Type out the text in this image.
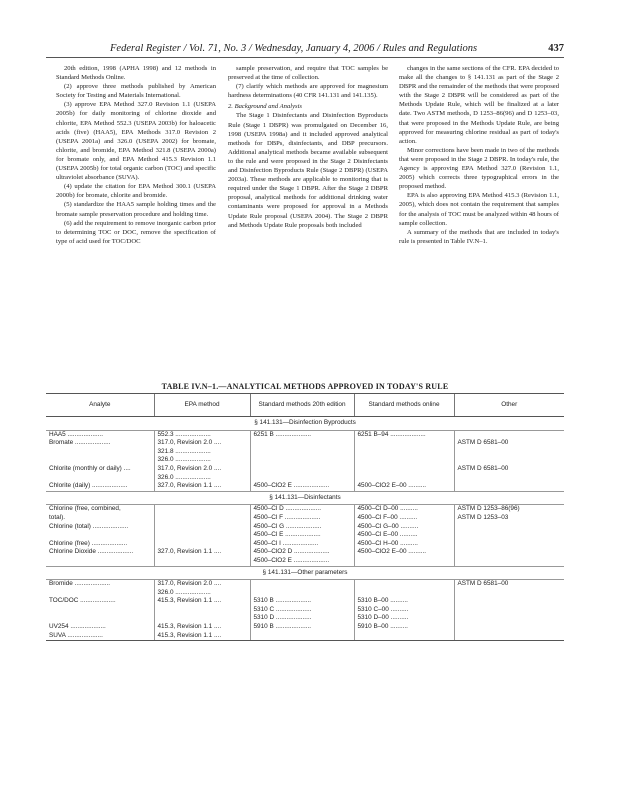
Federal Register / Vol. 71, No. 3 / Wednesday, January 4, 2006 / Rules and Regulations	437

20th edition, 1998 (APHA 1998) and 12 methods in Standard Methods Online.

(2) approve three methods published by American Society for Testing and Materials International.

(3) approve EPA Method 327.0 Revision 1.1 (USEPA 2005b) for daily monitoring of chlorine dioxide and chlorite, EPA Method 552.3 (USEPA 2003b) for haloacetic acids (five) (HAA5), EPA Methods 317.0 Revision 2 (USEPA 2001a) and 326.0 (USEPA 2002) for bromate, chlorite, and bromide, EPA Method 321.8 (USEPA 2000a) for bromate only, and EPA Method 415.3 Revision 1.1 (USEPA 2005b) for total organic carbon (TOC) and specific ultraviolet absorbance (SUVA).

(4) update the citation for EPA Method 300.1 (USEPA 2000b) for bromate, chlorite and bromide.

(5) standardize the HAA5 sample holding times and the bromate sample preservation procedure and holding time.

(6) add the requirement to remove inorganic carbon prior to determining TOC or DOC, remove the specification of type of acid used for TOC/DOC

sample preservation, and require that TOC samples be preserved at the time of collection.

(7) clarify which methods are approved for magnesium hardness determinations (40 CFR 141.131 and 141.135).

2. Background and Analysis

The Stage 1 Disinfectants and Disinfection Byproducts Rule (Stage 1 DBPR) was promulgated on December 16, 1998 (USEPA 1998a) and it included approved analytical methods for DBPs, disinfectants, and DBP precursors. Additional analytical methods became available subsequent to the rule and were proposed in the Stage 2 Disinfectants and Disinfection Byproducts Rule (Stage 2 DBPR) (USEPA 2003a). These methods are applicable to monitoring that is required under the Stage 1 DBPR. After the Stage 2 DBPR proposal, analytical methods for additional drinking water contaminants were proposed for approval in a Methods Update Rule proposal (USEPA 2004). The Stage 2 DBPR and Methods Update Rule proposals both included

changes in the same sections of the CFR. EPA decided to make all the changes to § 141.131 as part of the Stage 2 DBPR and the remainder of the methods that were proposed with the Stage 2 DBPR will be considered as part of the Methods Update Rule, which will be finalized at a later date. Two ASTM methods, D 1253–86(96) and D 1253–03, that were proposed in the Methods Update Rule, are being approved for measuring chlorine residual as part of today's action.

Minor corrections have been made in two of the methods that were proposed in the Stage 2 DBPR. In today's rule, the Agency is approving EPA Method 327.0 (Revision 1.1, 2005) which corrects three typographical errors in the proposed method.

EPA is also approving EPA Method 415.3 (Revision 1.1, 2005), which does not contain the requirement that samples for the analysis of TOC must be analyzed within 48 hours of sample collection.

A summary of the methods that are included in today's rule is presented in Table IV.N–1.

TABLE IV.N–1.—ANALYTICAL METHODS APPROVED IN TODAY'S RULE
Analyte	EPA method	Standard methods 20th edition	Standard methods online	Other
§ 141.131—Disinfection Byproducts				
HAA5 ....................	552.3 ....................	6251 B ....................	6251 B–94 ....................	
Bromate ....................	317.0, Revision 2.0 ....			ASTM D 6581–00
	321.8 ....................			
	326.0 ....................			
Chlorite (monthly or daily) ....	317.0, Revision 2.0 ....			ASTM D 6581–00
	326.0 ....................			
Chlorite (daily) ....................	327.0, Revision 1.1 ....	4500–ClO2 E ....................	4500–ClO2 E–00 ..........	
§ 141.131—Disinfectants				
Chlorine (free, combined,		4500–Cl D ....................	4500–Cl D–00 ..........	ASTM D 1253–86(96)
total).		4500–Cl F ....................	4500–Cl F–00 ..........	ASTM D 1253–03
Chlorine (total) ....................		4500–Cl G ....................	4500–Cl G–00 ..........	
		4500–Cl E ....................	4500–Cl E–00 ..........	
Chlorine (free) ....................		4500–Cl I ....................	4500–Cl H–00 ..........	
Chlorine Dioxide ....................	327.0, Revision 1.1 ....	4500–ClO2 D ....................	4500–ClO2 E–00 ..........	
		4500–ClO2 E ....................		
§ 141.131—Other parameters				
Bromide ....................	317.0, Revision 2.0 ....			ASTM D 6581–00
	326.0 ....................			
TOC/DOC ....................	415.3, Revision 1.1 ....	5310 B ....................	5310 B–00 ..........	
		5310 C ....................	5310 C–00 ..........	
		5310 D ....................	5310 D–00 ..........	
UV254 ....................	415.3, Revision 1.1 ....	5910 B ....................	5910 B–00 ..........	
SUVA ....................	415.3, Revision 1.1 ....			
